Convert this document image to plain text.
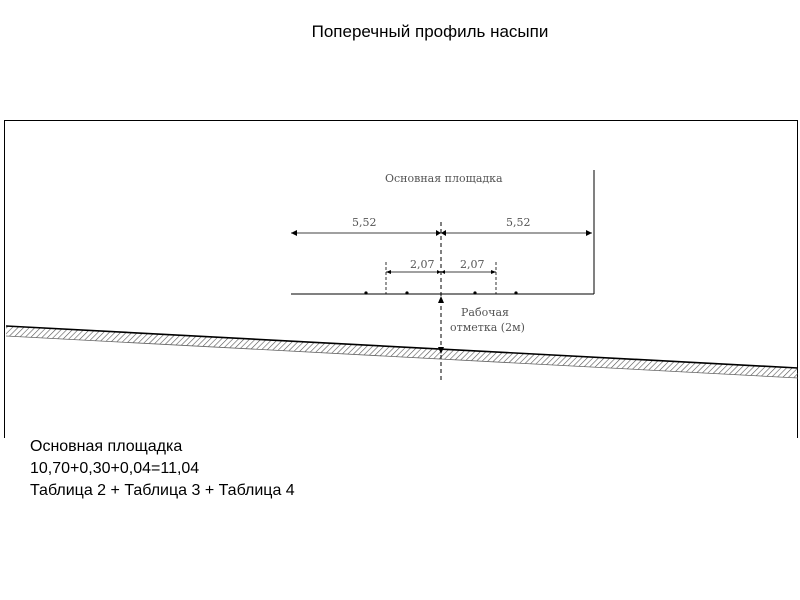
Поперечный профиль насыпи
Основная площадка
5,52	5,52
2,07 2,07
Рабочая
отметка (2м)
Основная площадка
10,70+0,30+0,04=11,04
Таблица 2 + Таблица 3 + Таблица 4
